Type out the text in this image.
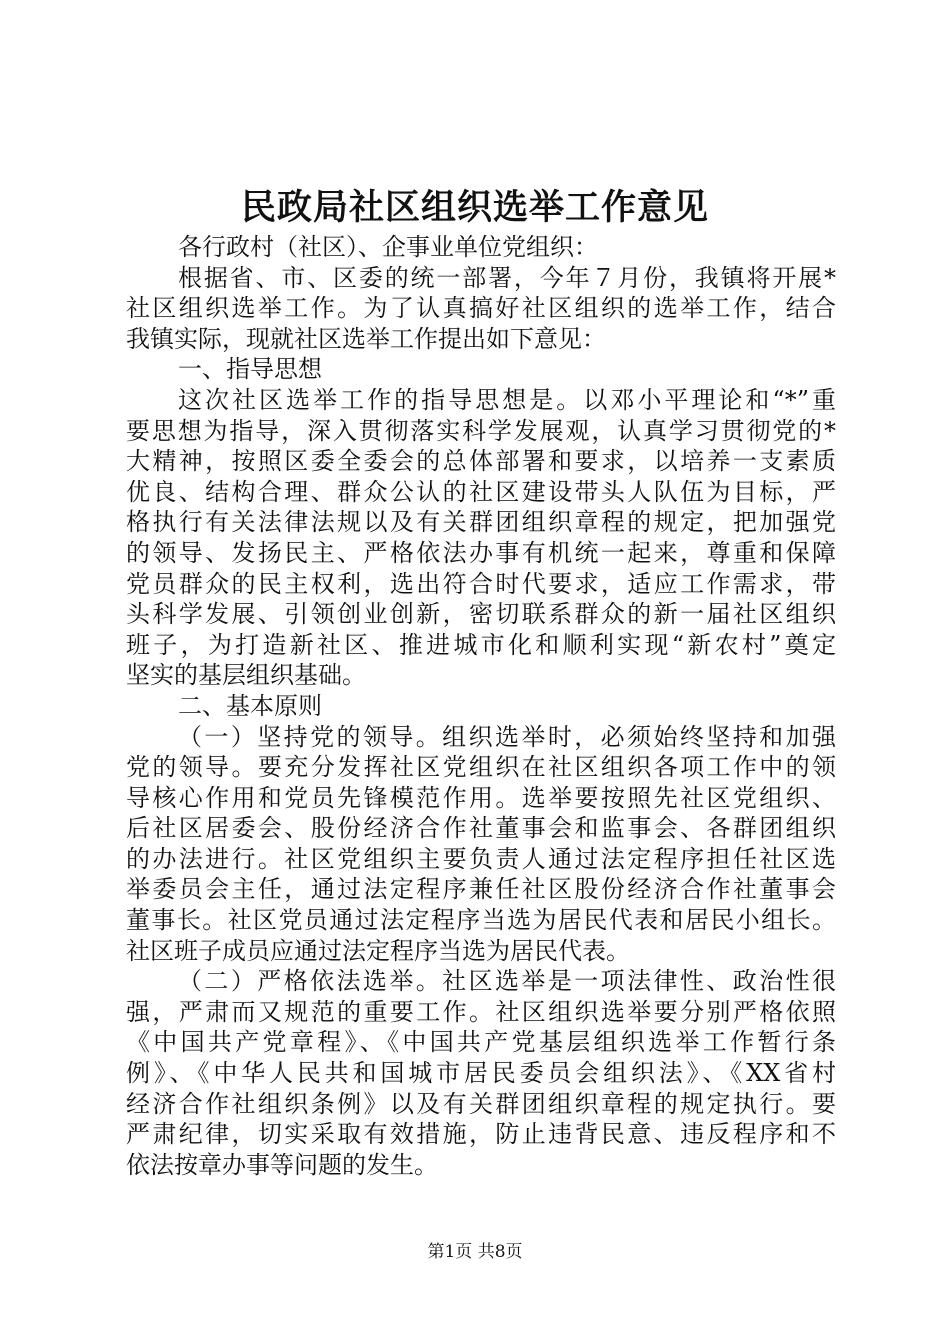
民政局社区组织选举工作意见
各行政村（社区）、企事业单位党组织：
根据省、市、区委的统一部署，今年７月份，我镇将开展*
社区组织选举工作。为了认真搞好社区组织的选举工作，结合
我镇实际，现就社区选举工作提出如下意见：
一、指导思想
这次社区选举工作的指导思想是。以邓小平理论和“*”重
要思想为指导，深入贯彻落实科学发展观，认真学习贯彻党的*
大精神，按照区委全委会的总体部署和要求，以培养一支素质
优良、结构合理、群众公认的社区建设带头人队伍为目标，严
格执行有关法律法规以及有关群团组织章程的规定，把加强党
的领导、发扬民主、严格依法办事有机统一起来，尊重和保障
党员群众的民主权利，选出符合时代要求，适应工作需求，带
头科学发展、引领创业创新，密切联系群众的新一届社区组织
班子，为打造新社区、推进城市化和顺利实现“新农村”奠定
坚实的基层组织基础。
二、基本原则
（一）坚持党的领导。组织选举时，必须始终坚持和加强
党的领导。要充分发挥社区党组织在社区组织各项工作中的领
导核心作用和党员先锋模范作用。选举要按照先社区党组织、
后社区居委会、股份经济合作社董事会和监事会、各群团组织
的办法进行。社区党组织主要负责人通过法定程序担任社区选
举委员会主任，通过法定程序兼任社区股份经济合作社董事会
董事长。社区党员通过法定程序当选为居民代表和居民小组长。
社区班子成员应通过法定程序当选为居民代表。
（二）严格依法选举。社区选举是一项法律性、政治性很
强，严肃而又规范的重要工作。社区组织选举要分别严格依照
《中国共产党章程》、《中国共产党基层组织选举工作暂行条
例》、《中华人民共和国城市居民委员会组织法》、《XX省村
经济合作社组织条例》以及有关群团组织章程的规定执行。要
严肃纪律，切实采取有效措施，防止违背民意、违反程序和不
依法按章办事等问题的发生。
第1页 共8页
